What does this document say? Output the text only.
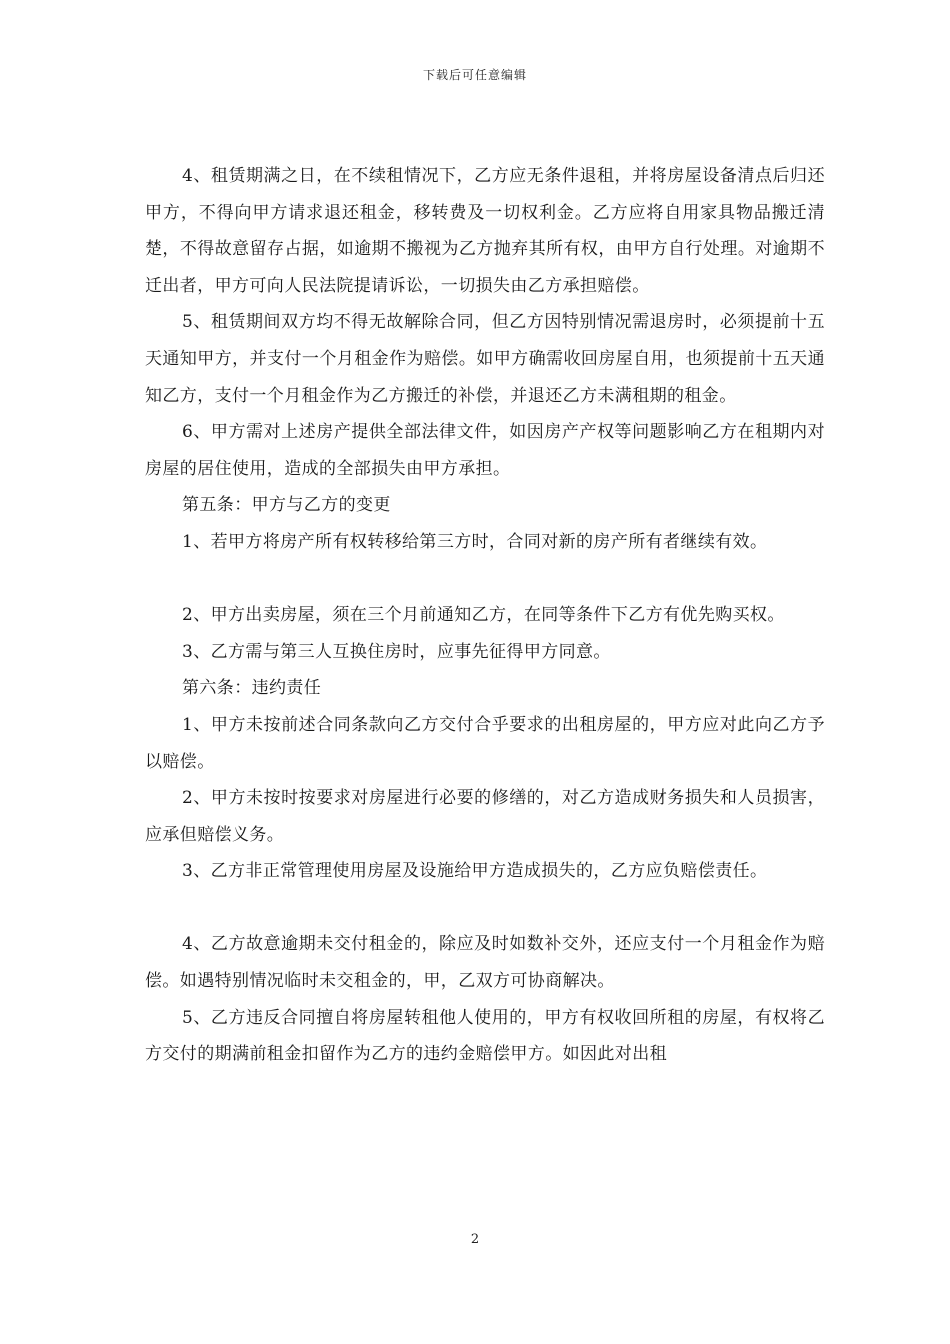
下载后可任意编辑

4、租赁期满之日，在不续租情况下，乙方应无条件退租，并将房屋设备清点后归还甲方，不得向甲方请求退还租金，移转费及一切权利金。乙方应将自用家具物品搬迁清楚，不得故意留存占据，如逾期不搬视为乙方抛弃其所有权，由甲方自行处理。对逾期不迁出者，甲方可向人民法院提请诉讼，一切损失由乙方承担赔偿。

5、租赁期间双方均不得无故解除合同，但乙方因特别情况需退房时，必须提前十五天通知甲方，并支付一个月租金作为赔偿。如甲方确需收回房屋自用，也须提前十五天通知乙方，支付一个月租金作为乙方搬迁的补偿，并退还乙方未满租期的租金。

6、甲方需对上述房产提供全部法律文件，如因房产产权等问题影响乙方在租期内对房屋的居住使用，造成的全部损失由甲方承担。

第五条：甲方与乙方的变更

1、若甲方将房产所有权转移给第三方时，合同对新的房产所有者继续有效。

2、甲方出卖房屋，须在三个月前通知乙方，在同等条件下乙方有优先购买权。

3、乙方需与第三人互换住房时，应事先征得甲方同意。

第六条：违约责任

1、甲方未按前述合同条款向乙方交付合乎要求的出租房屋的，甲方应对此向乙方予以赔偿。

2、甲方未按时按要求对房屋进行必要的修缮的，对乙方造成财务损失和人员损害，应承但赔偿义务。

3、乙方非正常管理使用房屋及设施给甲方造成损失的，乙方应负赔偿责任。

4、乙方故意逾期未交付租金的，除应及时如数补交外，还应支付一个月租金作为赔偿。如遇特别情况临时未交租金的，甲，乙双方可协商解决。

5、乙方违反合同擅自将房屋转租他人使用的，甲方有权收回所租的房屋，有权将乙方交付的期满前租金扣留作为乙方的违约金赔偿甲方。如因此对出租

2
